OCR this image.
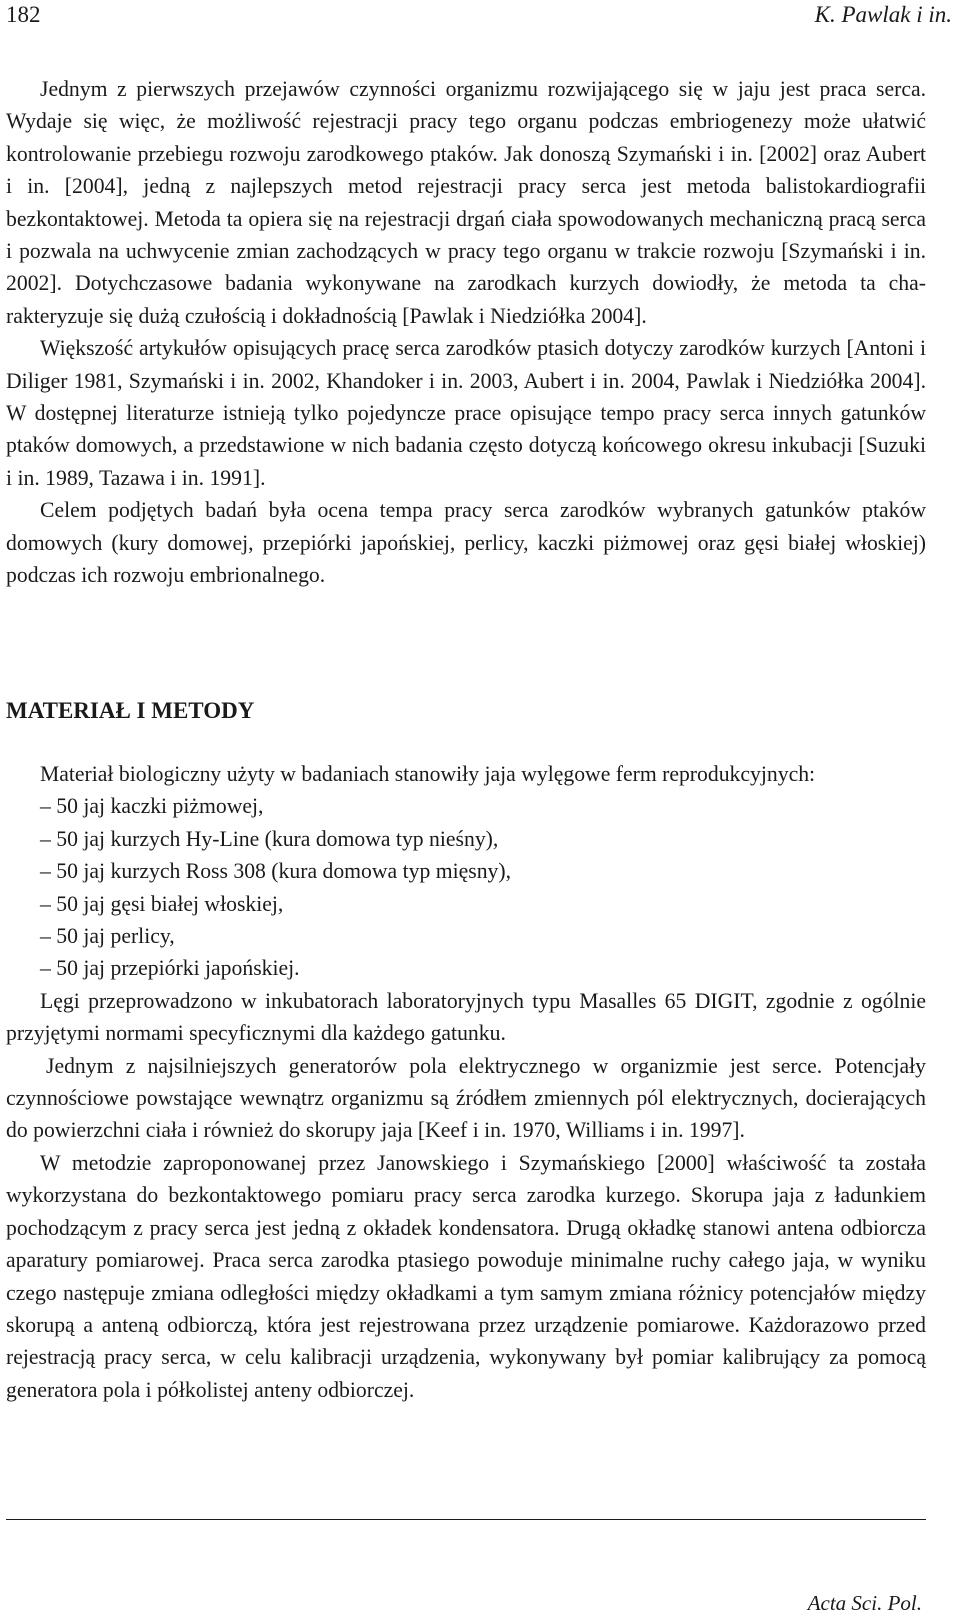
182	K. Pawlak i in.

Jednym z pierwszych przejawów czynności organizmu rozwijającego się w jaju jest praca serca. Wydaje się więc, że możliwość rejestracji pracy tego organu podczas embriogenezy może ułatwić kontrolowanie przebiegu rozwoju zarodkowego ptaków. Jak donoszą Szymański i in. [2002] oraz Aubert i in. [2004], jedną z najlepszych metod rejestracji pracy serca jest metoda balistokardiografii bezkontaktowej. Metoda ta opiera się na rejestracji drgań ciała spowodowanych mechaniczną pracą serca i pozwala na uchwycenie zmian zachodzących w pracy tego organu w trakcie rozwoju [Szymański i in. 2002]. Dotychczasowe badania wykonywane na zarodkach kurzych dowiodły, że metoda ta charakteryzuje się dużą czułością i dokładnością [Pawlak i Niedziółka 2004].

Większość artykułów opisujących pracę serca zarodków ptasich dotyczy zarodków kurzych [Antoni i Diliger 1981, Szymański i in. 2002, Khandoker i in. 2003, Aubert i in. 2004, Pawlak i Niedziółka 2004]. W dostępnej literaturze istnieją tylko pojedyncze prace opisujące tempo pracy serca innych gatunków ptaków domowych, a przedstawione w nich badania często dotyczą końcowego okresu inkubacji [Suzuki i in. 1989, Tazawa i in. 1991].

Celem podjętych badań była ocena tempa pracy serca zarodków wybranych gatunków ptaków domowych (kury domowej, przepiórki japońskiej, perlicy, kaczki piżmowej oraz gęsi białej włoskiej) podczas ich rozwoju embrionalnego.

MATERIAŁ I METODY

Materiał biologiczny użyty w badaniach stanowiły jaja wylęgowe ferm reprodukcyjnych:

– 50 jaj kaczki piżmowej,
– 50 jaj kurzych Hy-Line (kura domowa typ nieśny),
– 50 jaj kurzych Ross 308 (kura domowa typ mięsny),
– 50 jaj gęsi białej włoskiej,
– 50 jaj perlicy,
– 50 jaj przepiórki japońskiej.

Lęgi przeprowadzono w inkubatorach laboratoryjnych typu Masalles 65 DIGIT, zgodnie z ogólnie przyjętymi normami specyficznymi dla każdego gatunku.

Jednym z najsilniejszych generatorów pola elektrycznego w organizmie jest serce. Potencjały czynnościowe powstające wewnątrz organizmu są źródłem zmiennych pól elektrycznych, docierających do powierzchni ciała i również do skorupy jaja [Keef i in. 1970, Williams i in. 1997].

W metodzie zaproponowanej przez Janowskiego i Szymańskiego [2000] właściwość ta została wykorzystana do bezkontaktowego pomiaru pracy serca zarodka kurzego. Skorupa jaja z ładunkiem pochodzącym z pracy serca jest jedną z okładek kondensatora. Drugą okładkę stanowi antena odbiorcza aparatury pomiarowej. Praca serca zarodka ptasiego powoduje minimalne ruchy całego jaja, w wyniku czego następuje zmiana odległości między okładkami a tym samym zmiana różnicy potencjałów między skorupą a anteną odbiorczą, która jest rejestrowana przez urządzenie pomiarowe. Każdorazowo przed rejestracją pracy serca, w celu kalibracji urządzenia, wykonywany był pomiar kalibrujący za pomocą generatora pola i półkolistej anteny odbiorczej.

Acta Sci. Pol.
